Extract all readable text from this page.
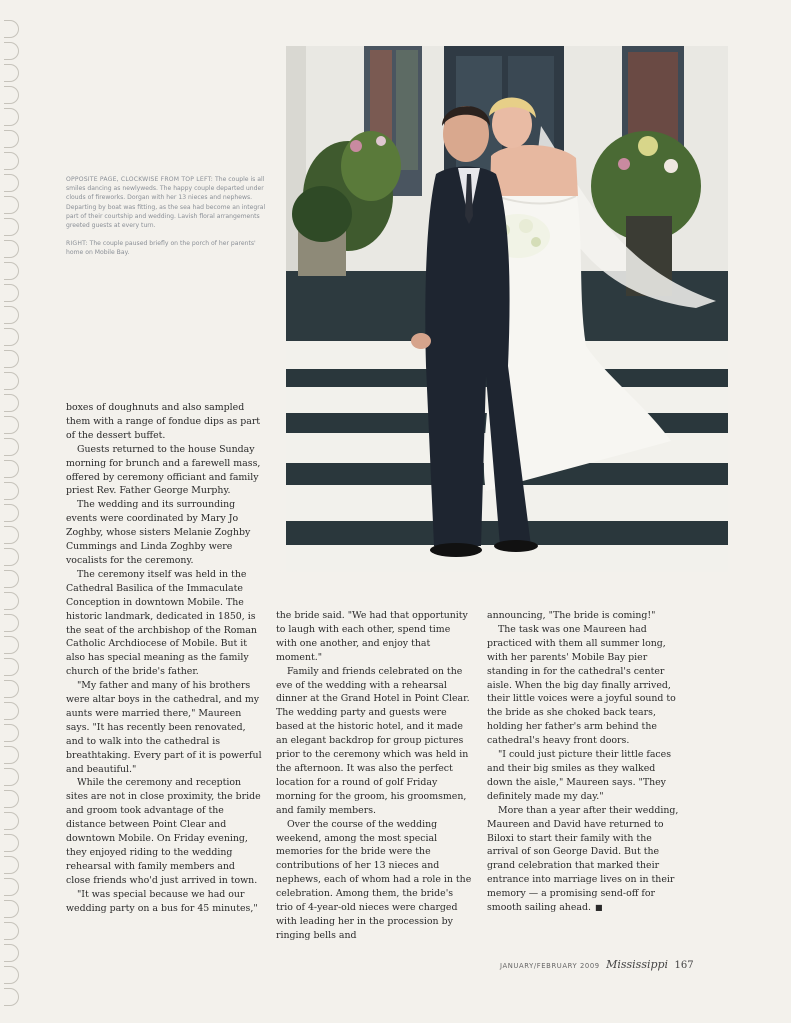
OPPOSITE PAGE, CLOCKWISE FROM TOP LEFT: The couple is all smiles dancing as newlyweds. The happy couple departed under clouds of fireworks. Dorgan with her 13 nieces and nephews. Departing by boat was fitting, as the sea had become an integral part of their courtship and wedding. Lavish floral arrangements greeted guests at every turn.

RIGHT: The couple paused briefly on the porch of her parents' home on Mobile Bay.

boxes of doughnuts and also sampled them with a range of fondue dips as part of the dessert buffet.

Guests returned to the house Sunday morning for brunch and a farewell mass, offered by ceremony officiant and family priest Rev. Father George Murphy.

The wedding and its surrounding events were coordinated by Mary Jo Zoghby, whose sisters Melanie Zoghby Cummings and Linda Zoghby were vocalists for the ceremony.

The ceremony itself was held in the Cathedral Basilica of the Immaculate Conception in downtown Mobile. The historic landmark, dedicated in 1850, is the seat of the archbishop of the Roman Catholic Archdiocese of Mobile. But it also has special meaning as the family church of the bride's father.

"My father and many of his brothers were altar boys in the cathedral, and my aunts were married there," Maureen says. "It has recently been renovated, and to walk into the cathedral is breathtaking. Every part of it is powerful and beautiful."

While the ceremony and reception sites are not in close proximity, the bride and groom took advantage of the distance between Point Clear and downtown Mobile. On Friday evening, they enjoyed riding to the wedding rehearsal with family members and close friends who'd just arrived in town.

"It was special because we had our wedding party on a bus for 45 minutes,"

the bride said. "We had that opportunity to laugh with each other, spend time with one another, and enjoy that moment."

Family and friends celebrated on the eve of the wedding with a rehearsal dinner at the Grand Hotel in Point Clear. The wedding party and guests were based at the historic hotel, and it made an elegant backdrop for group pictures prior to the ceremony which was held in the afternoon. It was also the perfect location for a round of golf Friday morning for the groom, his groomsmen, and family members.

Over the course of the wedding weekend, among the most special memories for the bride were the contributions of her 13 nieces and nephews, each of whom had a role in the celebration. Among them, the bride's trio of 4-year-old nieces were charged with leading her in the procession by ringing bells and

announcing, "The bride is coming!"

The task was one Maureen had practiced with them all summer long, with her parents' Mobile Bay pier standing in for the cathedral's center aisle. When the big day finally arrived, their little voices were a joyful sound to the bride as she choked back tears, holding her father's arm behind the cathedral's heavy front doors.

"I could just picture their little faces and their big smiles as they walked down the aisle," Maureen says. "They definitely made my day."

More than a year after their wedding, Maureen and David have returned to Biloxi to start their family with the arrival of son George David. But the grand celebration that marked their entrance into marriage lives on in their memory — a promising send-off for smooth sailing ahead. ■

JANUARY/FEBRUARY 2009 Mississippi 167
